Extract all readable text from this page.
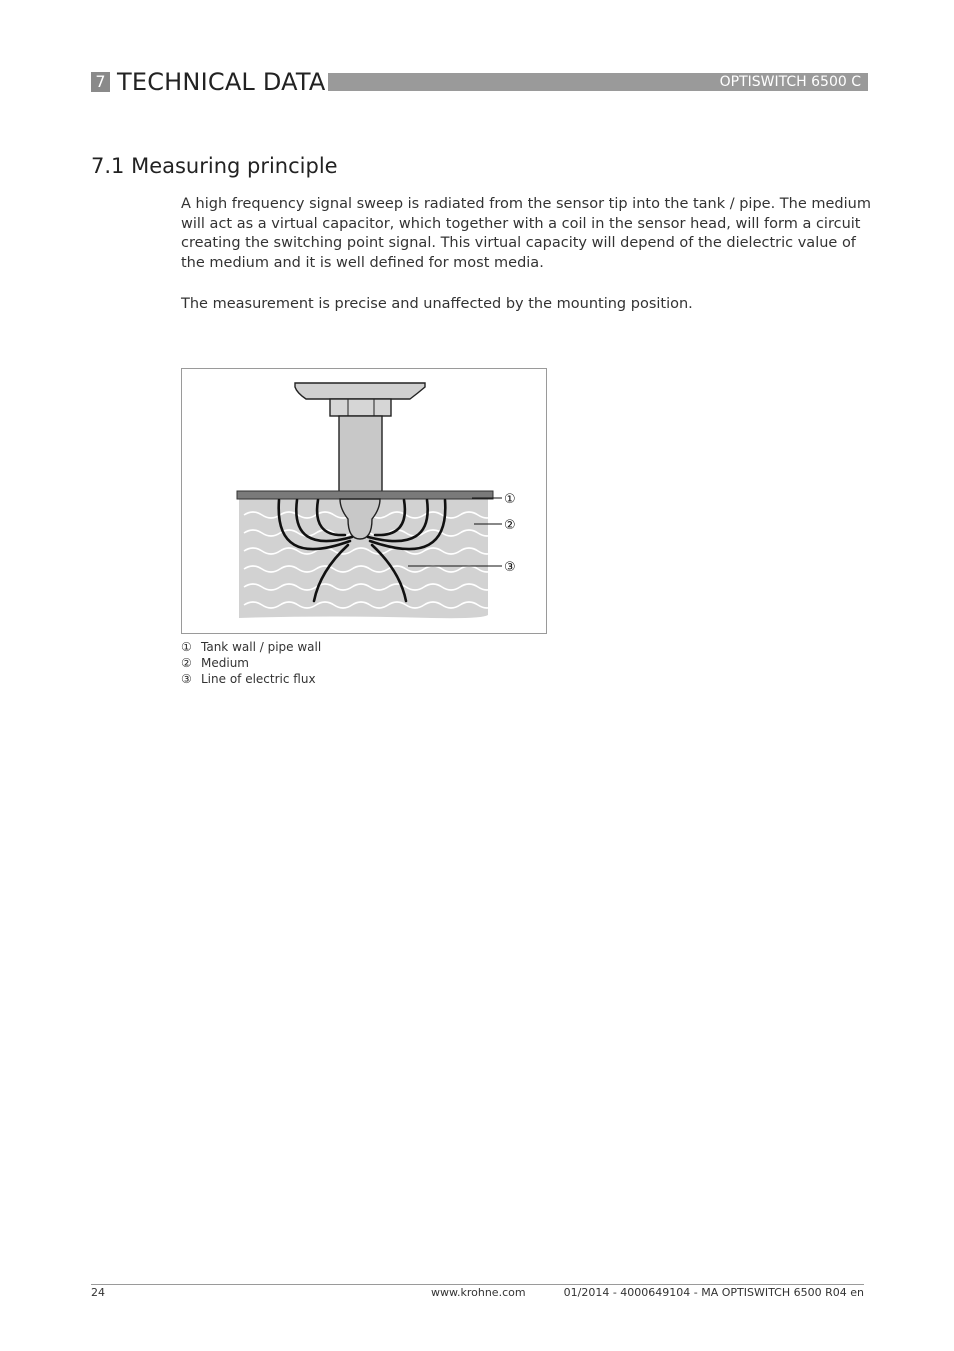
7 TECHNICAL DATA	OPTISWITCH 6500 C
7.1 Measuring principle

A high frequency signal sweep is radiated from the sensor tip into the tank / pipe. The medium will act as a virtual capacitor, which together with a coil in the sensor head, will form a circuit creating the switching point signal. This virtual capacity will depend of the dielectric value of the medium and it is well defined for most media.

The measurement is precise and unaffected by the mounting position.

①
②
③
① Tank wall / pipe wall
② Medium
③ Line of electric flux
24	www.krohne.com	01/2014 - 4000649104 - MA OPTISWITCH 6500 R04 en
